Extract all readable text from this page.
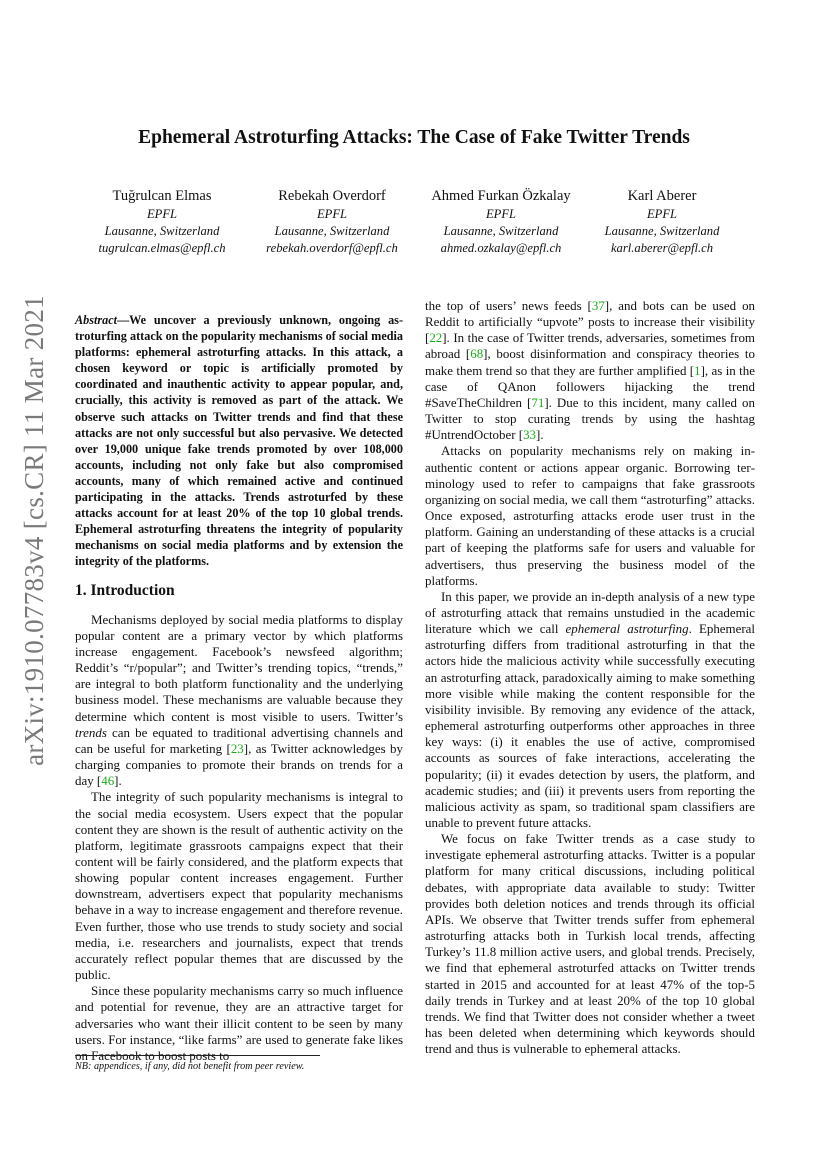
arXiv:1910.07783v4 [cs.CR] 11 Mar 2021
Ephemeral Astroturfing Attacks: The Case of Fake Twitter Trends
Tuğrulcan Elmas
EPFL
Lausanne, Switzerland
tugrulcan.elmas@epfl.ch
Rebekah Overdorf
EPFL
Lausanne, Switzerland
rebekah.overdorf@epfl.ch
Ahmed Furkan Özkalay
EPFL
Lausanne, Switzerland
ahmed.ozkalay@epfl.ch
Karl Aberer
EPFL
Lausanne, Switzerland
karl.aberer@epfl.ch

Abstract—We uncover a previously unknown, ongoing astroturfing attack on the popularity mechanisms of social media platforms: ephemeral astroturfing attacks. In this attack, a chosen keyword or topic is artificially promoted by coordinated and inauthentic activity to appear popular, and, crucially, this activity is removed as part of the attack. We observe such attacks on Twitter trends and find that these attacks are not only successful but also pervasive. We detected over 19,000 unique fake trends promoted by over 108,000 accounts, including not only fake but also compromised accounts, many of which remained active and continued participating in the attacks. Trends astroturfed by these attacks account for at least 20% of the top 10 global trends. Ephemeral astroturfing threatens the integrity of popularity mechanisms on social media platforms and by extension the integrity of the platforms.

1. Introduction

Mechanisms deployed by social media platforms to display popular content are a primary vector by which platforms increase engagement. Facebook’s newsfeed algorithm; Reddit’s “r/popular”; and Twitter’s trending topics, “trends,” are integral to both platform functionality and the underlying business model. These mechanisms are valuable because they determine which content is most visible to users. Twitter’s trends can be equated to traditional advertising channels and can be useful for marketing [23], as Twitter acknowledges by charging companies to promote their brands on trends for a day [46].

The integrity of such popularity mechanisms is integral to the social media ecosystem. Users expect that the popular content they are shown is the result of authentic activity on the platform, legitimate grassroots campaigns expect that their content will be fairly considered, and the platform expects that showing popular content increases engagement. Further downstream, advertisers expect that popularity mechanisms behave in a way to increase engagement and therefore revenue. Even further, those who use trends to study society and social media, i.e. researchers and journalists, expect that trends accurately reflect popular themes that are discussed by the public.

Since these popularity mechanisms carry so much influence and potential for revenue, they are an attractive target for adversaries who want their illicit content to be seen by many users. For instance, “like farms” are used to generate fake likes on Facebook to boost posts to

the top of users’ news feeds [37], and bots can be used on Reddit to artificially “upvote” posts to increase their visibility [22]. In the case of Twitter trends, adversaries, sometimes from abroad [68], boost disinformation and conspiracy theories to make them trend so that they are further amplified [1], as in the case of QAnon followers hijacking the trend #SaveTheChildren [71]. Due to this incident, many called on Twitter to stop curating trends by using the hashtag #UntrendOctober [33].

Attacks on popularity mechanisms rely on making inauthentic content or actions appear organic. Borrowing terminology used to refer to campaigns that fake grassroots organizing on social media, we call them “astroturfing” attacks. Once exposed, astroturfing attacks erode user trust in the platform. Gaining an understanding of these attacks is a crucial part of keeping the platforms safe for users and valuable for advertisers, thus preserving the business model of the platforms.

In this paper, we provide an in-depth analysis of a new type of astroturfing attack that remains unstudied in the academic literature which we call ephemeral astroturfing. Ephemeral astroturfing differs from traditional astroturfing in that the actors hide the malicious activity while successfully executing an astroturfing attack, paradoxically aiming to make something more visible while making the content responsible for the visibility invisible. By removing any evidence of the attack, ephemeral astroturfing outperforms other approaches in three key ways: (i) it enables the use of active, compromised accounts as sources of fake interactions, accelerating the popularity; (ii) it evades detection by users, the platform, and academic studies; and (iii) it prevents users from reporting the malicious activity as spam, so traditional spam classifiers are unable to prevent future attacks.

We focus on fake Twitter trends as a case study to investigate ephemeral astroturfing attacks. Twitter is a popular platform for many critical discussions, including political debates, with appropriate data available to study: Twitter provides both deletion notices and trends through its official APIs. We observe that Twitter trends suffer from ephemeral astroturfing attacks both in Turkish local trends, affecting Turkey’s 11.8 million active users, and global trends. Precisely, we find that ephemeral astroturfed attacks on Twitter trends started in 2015 and accounted for at least 47% of the top-5 daily trends in Turkey and at least 20% of the top 10 global trends. We find that Twitter does not consider whether a tweet has been deleted when determining which keywords should trend and thus is vulnerable to ephemeral attacks.

NB: appendices, if any, did not benefit from peer review.
